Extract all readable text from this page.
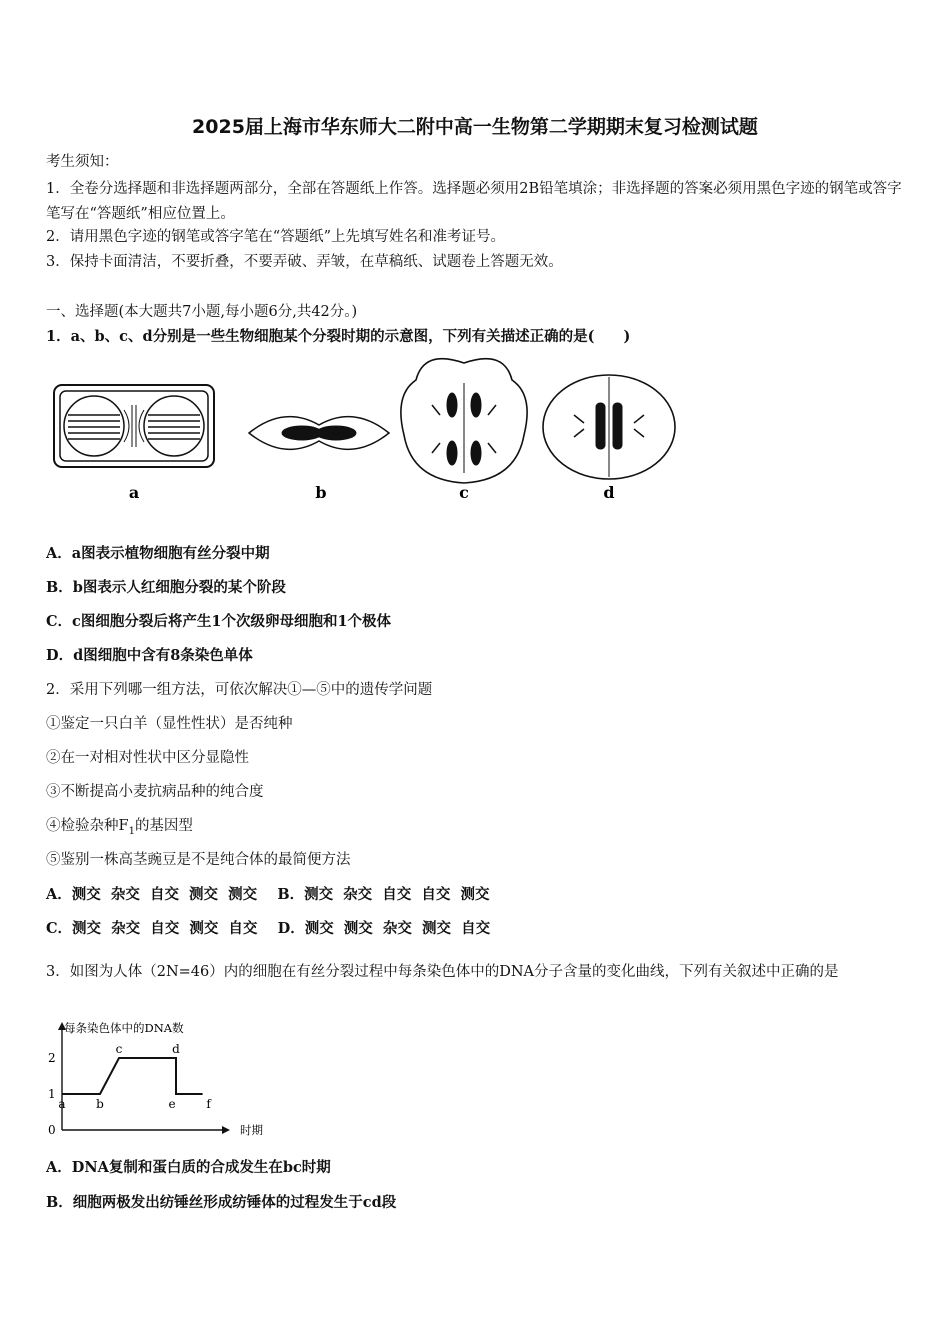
2025届上海市华东师大二附中高一生物第二学期期末复习检测试题
考生须知：
1．全卷分选择题和非选择题两部分，全部在答题纸上作答。选择题必须用2B铅笔填涂；非选择题的答案必须用黑色字迹的钢笔或答字笔写在“答题纸”相应位置上。
2．请用黑色字迹的钢笔或答字笔在“答题纸”上先填写姓名和准考证号。
3．保持卡面清洁，不要折叠，不要弄破、弄皱，在草稿纸、试题卷上答题无效。
一、选择题(本大题共7小题,每小题6分,共42分。)
1．a、b、c、d分别是一些生物细胞某个分裂时期的示意图，下列有关描述正确的是(　　)
a	b	c	d
A．a图表示植物细胞有丝分裂中期
B．b图表示人红细胞分裂的某个阶段
C．c图细胞分裂后将产生1个次级卵母细胞和1个极体
D．d图细胞中含有8条染色单体
2．采用下列哪一组方法，可依次解决①—⑤中的遗传学问题
①鉴定一只白羊（显性性状）是否纯种
②在一对相对性状中区分显隐性
③不断提高小麦抗病品种的纯合度
④检验杂种$F_1$的基因型
⑤鉴别一株高茎豌豆是不是纯合体的最简便方法
A．测交  杂交  自交  测交  测交    B．测交  杂交  自交  自交  测交
C．测交  杂交  自交  测交  自交    D．测交  测交  杂交  测交  自交
3．如图为人体（2N=46）内的细胞在有丝分裂过程中每条染色体中的DNA分子含量的变化曲线，下列有关叙述中正确的是
每条染色体中的DNA数
时期
0
1
2
a	b
c	d
e	f
A．DNA复制和蛋白质的合成发生在bc时期
B．细胞两极发出纺锤丝形成纺锤体的过程发生于cd段
